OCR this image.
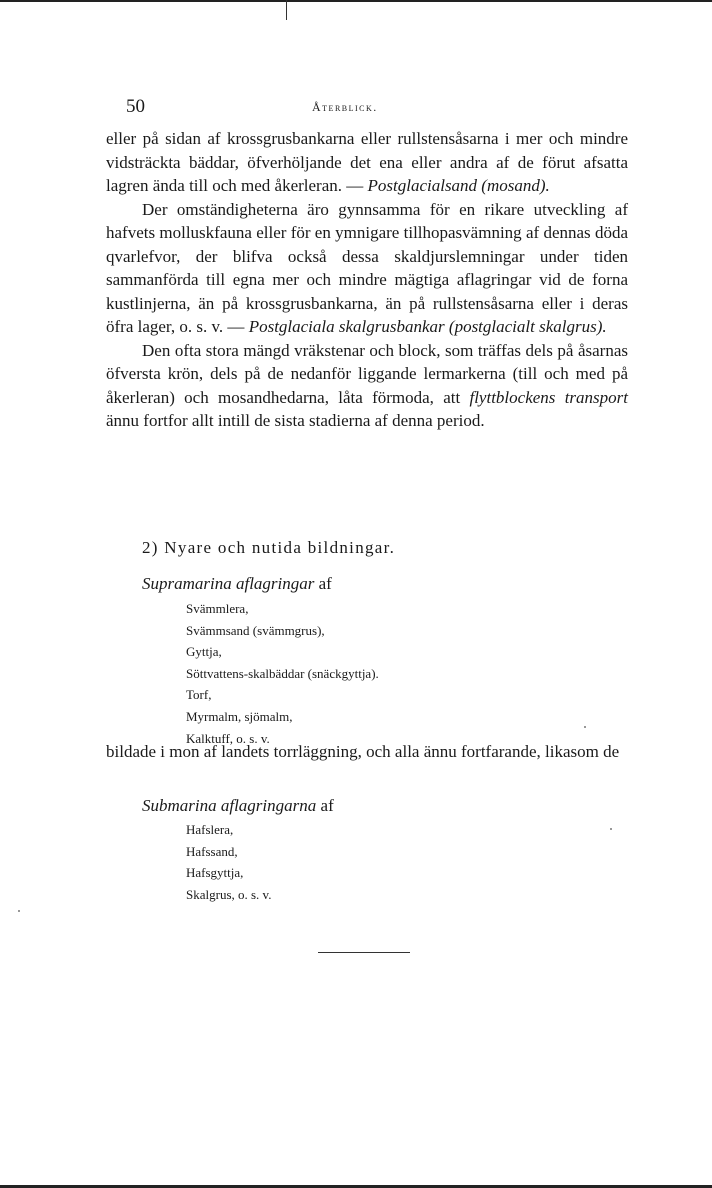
50	Återblick.

eller på sidan af krossgrusbankarna eller rullstensåsarna i mer och mindre vidsträckta bäddar, öfverhöljande det ena eller andra af de förut afsatta lagren ända till och med åkerleran. — Postglacialsand (mosand).

Der omständigheterna äro gynnsamma för en rikare utveckling af hafvets molluskfauna eller för en ymnigare tillhopasvämning af dennas döda qvarlefvor, der blifva också dessa skaldjurslemningar under tiden sammanförda till egna mer och mindre mägtiga aflagringar vid de forna kustlinjerna, än på krossgrusbankarna, än på rullstensåsarna eller i deras öfra lager, o. s. v. — Postglaciala skalgrusbankar (postglacialt skalgrus).

Den ofta stora mängd vräkstenar och block, som träffas dels på åsarnas öfversta krön, dels på de nedanför liggande lermarkerna (till och med på åkerleran) och mosandhedarna, låta förmoda, att flyttblockens transport ännu fortfor allt intill de sista stadierna af denna period.

2) Nyare och nutida bildningar.
Supramarina aflagringar af
Svämmlera,
Svämmsand (svämmgrus),
Gyttja,
Söttvattens-skalbäddar (snäckgyttja).
Torf,
Myrmalm, sjömalm,
Kalktuff, o. s. v.
bildade i mon af landets torrläggning, och alla ännu fortfarande, likasom de
Submarina aflagringarna af
Hafslera,
Hafssand,
Hafsgyttja,
Skalgrus, o. s. v.
